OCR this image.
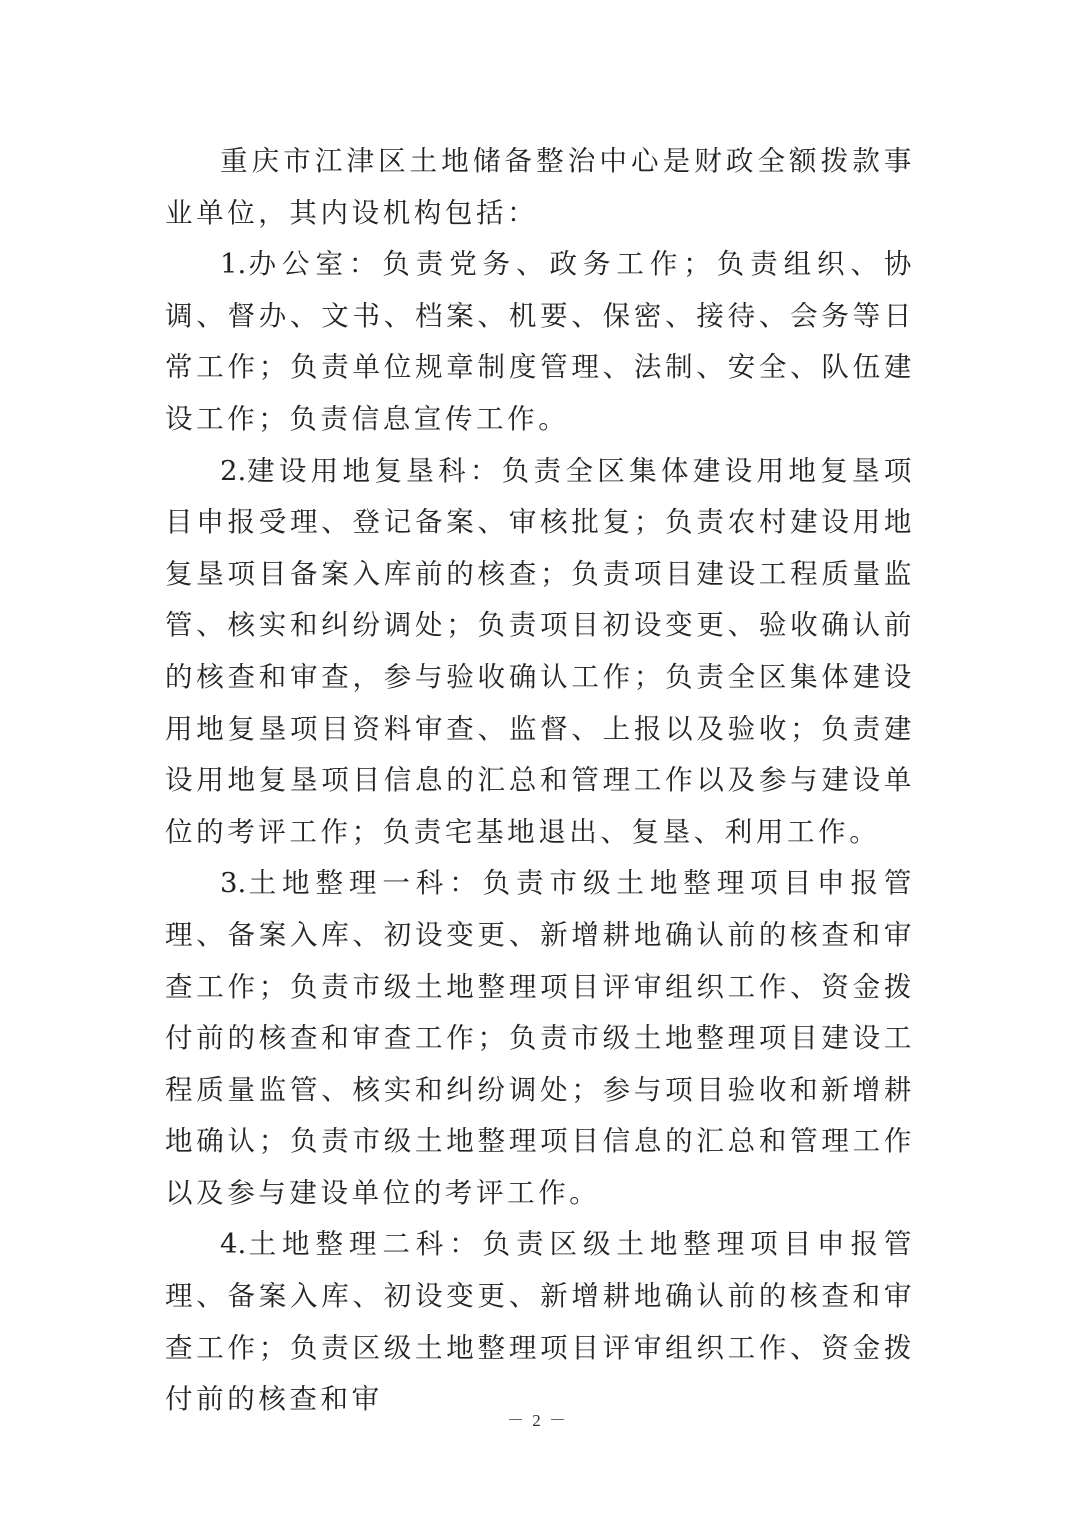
重庆市江津区土地储备整治中心是财政全额拨款事业单位，其内设机构包括：

1.办公室：负责党务、政务工作；负责组织、协调、督办、文书、档案、机要、保密、接待、会务等日常工作；负责单位规章制度管理、法制、安全、队伍建设工作；负责信息宣传工作。

2.建设用地复垦科：负责全区集体建设用地复垦项目申报受理、登记备案、审核批复；负责农村建设用地复垦项目备案入库前的核查；负责项目建设工程质量监管、核实和纠纷调处；负责项目初设变更、验收确认前的核查和审查，参与验收确认工作；负责全区集体建设用地复垦项目资料审查、监督、上报以及验收；负责建设用地复垦项目信息的汇总和管理工作以及参与建设单位的考评工作；负责宅基地退出、复垦、利用工作。

3.土地整理一科：负责市级土地整理项目申报管理、备案入库、初设变更、新增耕地确认前的核查和审查工作；负责市级土地整理项目评审组织工作、资金拨付前的核查和审查工作；负责市级土地整理项目建设工程质量监管、核实和纠纷调处；参与项目验收和新增耕地确认；负责市级土地整理项目信息的汇总和管理工作以及参与建设单位的考评工作。

4.土地整理二科：负责区级土地整理项目申报管理、备案入库、初设变更、新增耕地确认前的核查和审查工作；负责区级土地整理项目评审组织工作、资金拨付前的核查和审

－ 2 －
